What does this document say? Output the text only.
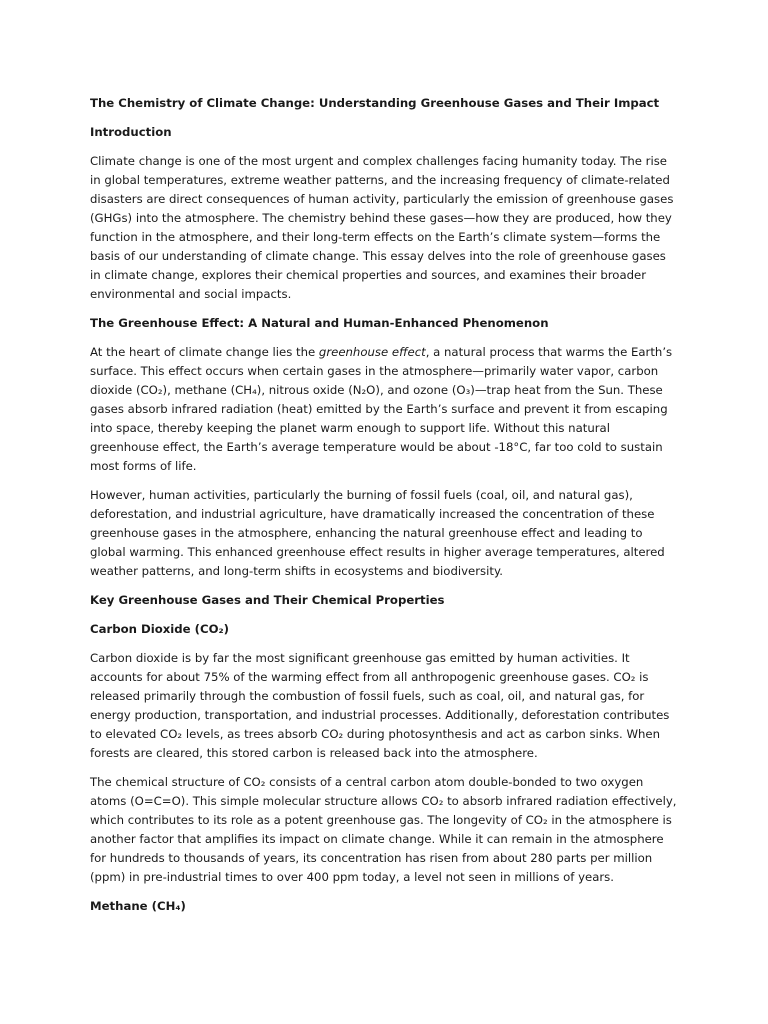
The Chemistry of Climate Change: Understanding Greenhouse Gases and Their Impact

Introduction

Climate change is one of the most urgent and complex challenges facing humanity today. The rise in global temperatures, extreme weather patterns, and the increasing frequency of climate-related disasters are direct consequences of human activity, particularly the emission of greenhouse gases (GHGs) into the atmosphere. The chemistry behind these gases—how they are produced, how they function in the atmosphere, and their long-term effects on the Earth’s climate system—forms the basis of our understanding of climate change. This essay delves into the role of greenhouse gases in climate change, explores their chemical properties and sources, and examines their broader environmental and social impacts.

The Greenhouse Effect: A Natural and Human-Enhanced Phenomenon

At the heart of climate change lies the greenhouse effect, a natural process that warms the Earth’s surface. This effect occurs when certain gases in the atmosphere—primarily water vapor, carbon dioxide (CO₂), methane (CH₄), nitrous oxide (N₂O), and ozone (O₃)—trap heat from the Sun. These gases absorb infrared radiation (heat) emitted by the Earth’s surface and prevent it from escaping into space, thereby keeping the planet warm enough to support life. Without this natural greenhouse effect, the Earth’s average temperature would be about -18°C, far too cold to sustain most forms of life.

However, human activities, particularly the burning of fossil fuels (coal, oil, and natural gas), deforestation, and industrial agriculture, have dramatically increased the concentration of these greenhouse gases in the atmosphere, enhancing the natural greenhouse effect and leading to global warming. This enhanced greenhouse effect results in higher average temperatures, altered weather patterns, and long-term shifts in ecosystems and biodiversity.

Key Greenhouse Gases and Their Chemical Properties

Carbon Dioxide (CO₂)

Carbon dioxide is by far the most significant greenhouse gas emitted by human activities. It accounts for about 75% of the warming effect from all anthropogenic greenhouse gases. CO₂ is released primarily through the combustion of fossil fuels, such as coal, oil, and natural gas, for energy production, transportation, and industrial processes. Additionally, deforestation contributes to elevated CO₂ levels, as trees absorb CO₂ during photosynthesis and act as carbon sinks. When forests are cleared, this stored carbon is released back into the atmosphere.

The chemical structure of CO₂ consists of a central carbon atom double-bonded to two oxygen atoms (O=C=O). This simple molecular structure allows CO₂ to absorb infrared radiation effectively, which contributes to its role as a potent greenhouse gas. The longevity of CO₂ in the atmosphere is another factor that amplifies its impact on climate change. While it can remain in the atmosphere for hundreds to thousands of years, its concentration has risen from about 280 parts per million (ppm) in pre-industrial times to over 400 ppm today, a level not seen in millions of years.

Methane (CH₄)
